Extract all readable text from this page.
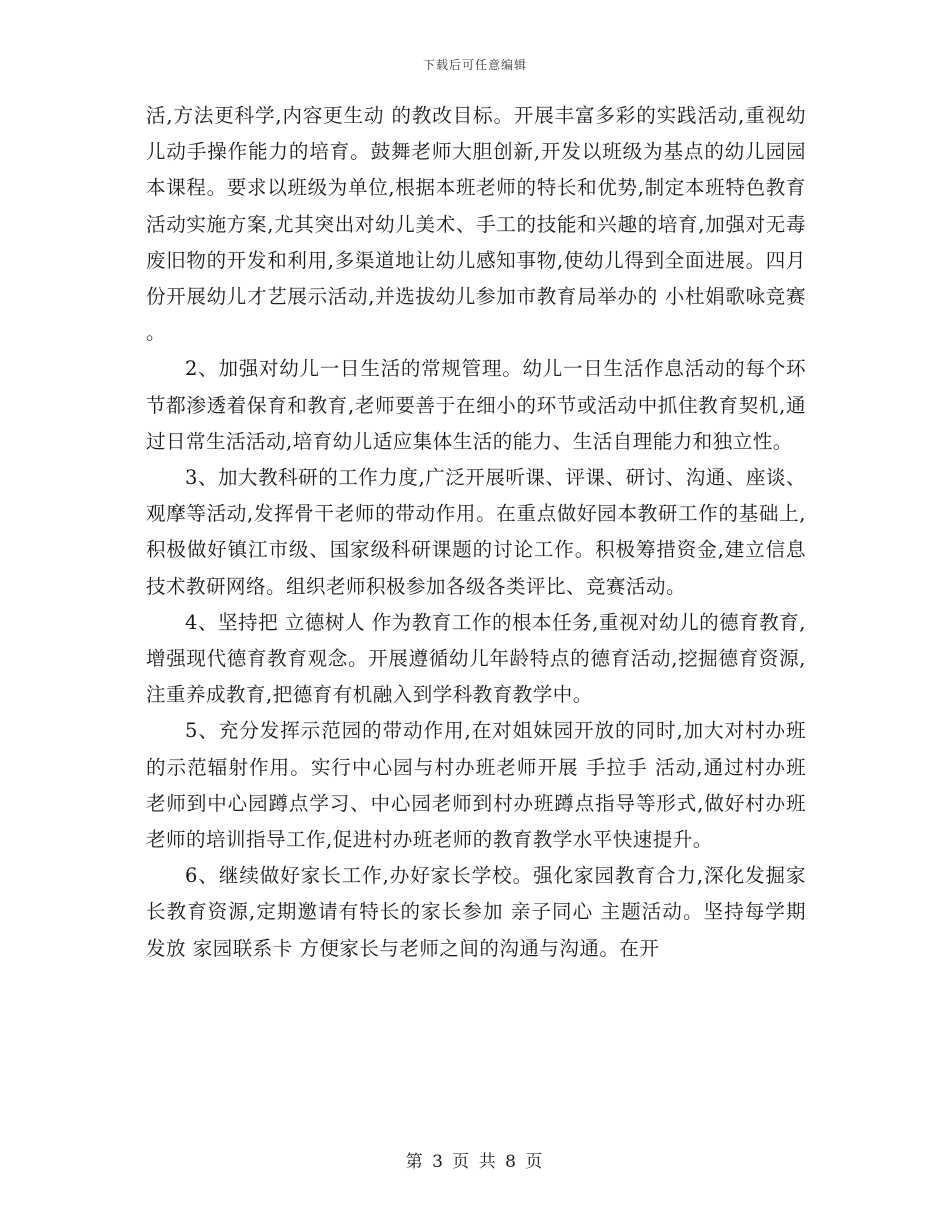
下载后可任意编辑

活,方法更科学,内容更生动 的教改目标。开展丰富多彩的实践活动,重视幼儿动手操作能力的培育。鼓舞老师大胆创新,开发以班级为基点的幼儿园园本课程。要求以班级为单位,根据本班老师的特长和优势,制定本班特色教育活动实施方案,尤其突出对幼儿美术、手工的技能和兴趣的培育,加强对无毒废旧物的开发和利用,多渠道地让幼儿感知事物,使幼儿得到全面进展。四月份开展幼儿才艺展示活动,并选拔幼儿参加市教育局举办的 小杜娟歌咏竞赛 。

2、加强对幼儿一日生活的常规管理。幼儿一日生活作息活动的每个环节都渗透着保育和教育,老师要善于在细小的环节或活动中抓住教育契机,通过日常生活活动,培育幼儿适应集体生活的能力、生活自理能力和独立性。

3、加大教科研的工作力度,广泛开展听课、评课、研讨、沟通、座谈、观摩等活动,发挥骨干老师的带动作用。在重点做好园本教研工作的基础上,积极做好镇江市级、国家级科研课题的讨论工作。积极筹措资金,建立信息技术教研网络。组织老师积极参加各级各类评比、竞赛活动。

4、坚持把 立德树人 作为教育工作的根本任务,重视对幼儿的德育教育,增强现代德育教育观念。开展遵循幼儿年龄特点的德育活动,挖掘德育资源,注重养成教育,把德育有机融入到学科教育教学中。

5、充分发挥示范园的带动作用,在对姐妹园开放的同时,加大对村办班的示范辐射作用。实行中心园与村办班老师开展 手拉手 活动,通过村办班老师到中心园蹲点学习、中心园老师到村办班蹲点指导等形式,做好村办班老师的培训指导工作,促进村办班老师的教育教学水平快速提升。

6、继续做好家长工作,办好家长学校。强化家园教育合力,深化发掘家长教育资源,定期邀请有特长的家长参加 亲子同心 主题活动。坚持每学期发放 家园联系卡 方便家长与老师之间的沟通与沟通。在开

第 3 页 共 8 页
